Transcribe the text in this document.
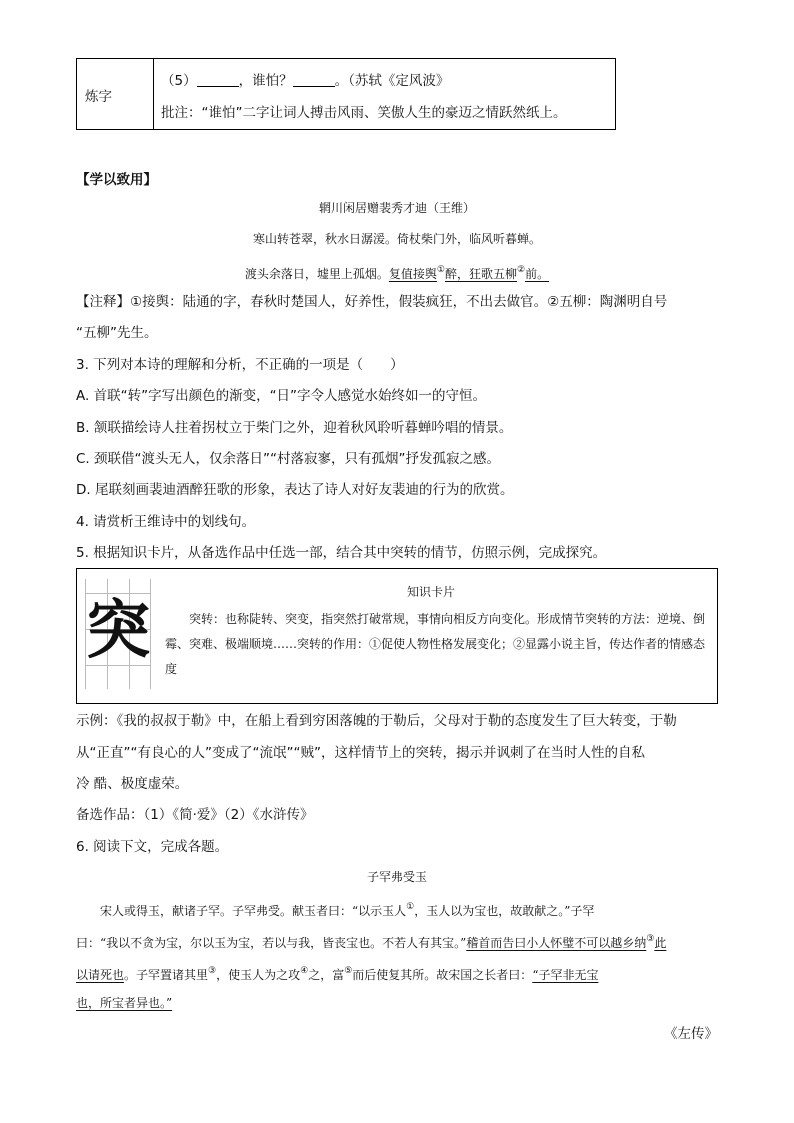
炼字
（5）	，谁怕？	。（苏轼《定风波》
批注：“谁怕”二字让词人搏击风雨、笑傲人生的豪迈之情跃然纸上。
【学以致用】
辋川闲居赠裴秀才迪（王维）
寒山转苍翠，秋水日潺湲。倚杖柴门外，临风听暮蝉。
渡头余落日，墟里上孤烟。复值接舆①醉，狂歌五柳②前。
【注释】①接舆：陆通的字，春秋时楚国人，好养性，假装疯狂，不出去做官。②五柳：陶渊明自号
“五柳”先生。
3. 下列对本诗的理解和分析，不正确的一项是（　　）
A. 首联“转”字写出颜色的渐变，“日”字令人感觉水始终如一的守恒。
B. 颔联描绘诗人拄着拐杖立于柴门之外，迎着秋风聆听暮蝉吟唱的情景。
C. 颈联借“渡头无人，仅余落日”“村落寂寥，只有孤烟”抒发孤寂之感。
D. 尾联刻画裴迪酒醉狂歌的形象，表达了诗人对好友裴迪的行为的欣赏。
4. 请赏析王维诗中的划线句。
5. 根据知识卡片，从备选作品中任选一部，结合其中突转的情节，仿照示例，完成探究。
突
知识卡片
突转：也称陡转、突变，指突然打破常规，事情向相反方向变化。形成情节突转的方法：逆境、倒霉、突难、极端顺境……突转的作用：①促使人物性格发展变化；②显露小说主旨，传达作者的情感态度
示例：《我的叔叔于勒》中，在船上看到穷困落魄的于勒后，父母对于勒的态度发生了巨大转变，于勒
从“正直”“有良心的人”变成了“流氓”“贼”，这样情节上的突转，揭示并讽刺了在当时人性的自私
冷 酷、极度虚荣。
备选作品：（1）《简·爱》（2）《水浒传》
6. 阅读下文，完成各题。
子罕弗受玉
宋人或得玉，献诸子罕。子罕弗受。献玉者曰：“以示玉人①，玉人以为宝也，故敢献之。”子罕
曰：“我以不贪为宝，尔以玉为宝，若以与我，皆丧宝也。不若人有其宝。”稽首而告曰小人怀璧不可以越乡纳③此
以请死也。子罕置诸其里③，使玉人为之攻④之，富⑤而后使复其所。故宋国之长者曰：“子罕非无宝
也，所宝者异也。”
《左传》
